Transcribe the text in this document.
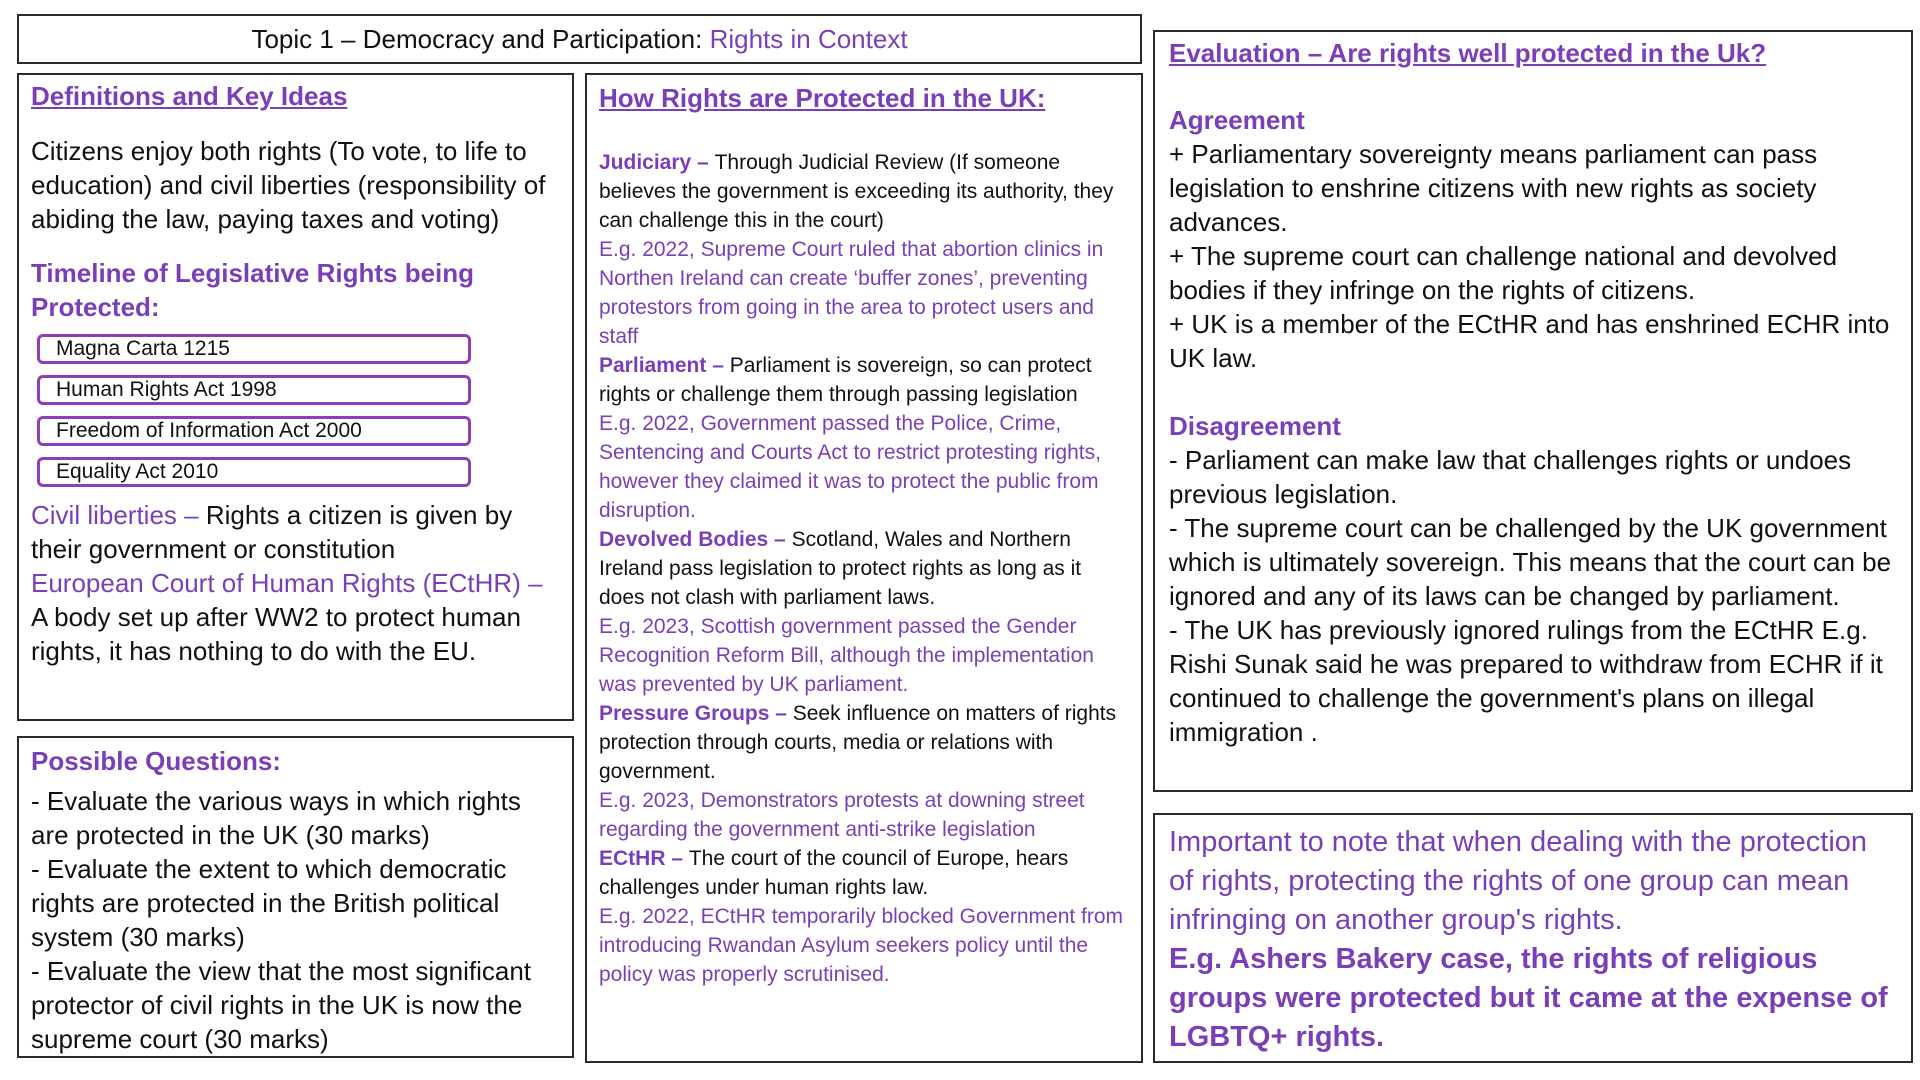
Topic 1 – Democracy and Participation: Rights in Context
Definitions and Key Ideas

Citizens enjoy both rights (To vote, to life to education) and civil liberties (responsibility of abiding the law, paying taxes and voting)

Timeline of Legislative Rights being Protected:
Magna Carta 1215
Human Rights Act 1998
Freedom of Information Act 2000
Equality Act 2010

Civil liberties – Rights a citizen is given by their government or constitution

European Court of Human Rights (ECtHR) –
A body set up after WW2 to protect human rights, it has nothing to do with the EU.

Possible Questions:

- Evaluate the various ways in which rights are protected in the UK (30 marks)

- Evaluate the extent to which democratic rights are protected in the British political system (30 marks)

- Evaluate the view that the most significant protector of civil rights in the UK is now the supreme court (30 marks)

How Rights are Protected in the UK:

Judiciary – Through Judicial Review (If someone believes the government is exceeding its authority, they can challenge this in the court)

E.g. 2022, Supreme Court ruled that abortion clinics in Northen Ireland can create ‘buffer zones’, preventing protestors from going in the area to protect users and staff

Parliament – Parliament is sovereign, so can protect rights or challenge them through passing legislation

E.g. 2022, Government passed the Police, Crime, Sentencing and Courts Act to restrict protesting rights, however they claimed it was to protect the public from disruption.

Devolved Bodies – Scotland, Wales and Northern Ireland pass legislation to protect rights as long as it does not clash with parliament laws.

E.g. 2023, Scottish government passed the Gender Recognition Reform Bill, although the implementation was prevented by UK parliament.

Pressure Groups – Seek influence on matters of rights protection through courts, media or relations with government.

E.g. 2023, Demonstrators protests at downing street regarding the government anti-strike legislation

ECtHR – The court of the council of Europe, hears challenges under human rights law.

E.g. 2022, ECtHR temporarily blocked Government from introducing Rwandan Asylum seekers policy until the policy was properly scrutinised.

Evaluation – Are rights well protected in the Uk?
Agreement

+ Parliamentary sovereignty means parliament can pass legislation to enshrine citizens with new rights as society advances.

+ The supreme court can challenge national and devolved bodies if they infringe on the rights of citizens.

+ UK is a member of the ECtHR and has enshrined ECHR into UK law.

Disagreement

- Parliament can make law that challenges rights or undoes previous legislation.

- The supreme court can be challenged by the UK government which is ultimately sovereign. This means that the court can be ignored and any of its laws can be changed by parliament.

- The UK has previously ignored rulings from the ECtHR E.g. Rishi Sunak said he was prepared to withdraw from ECHR if it continued to challenge the government's plans on illegal immigration .

Important to note that when dealing with the protection of rights, protecting the rights of one group can mean infringing on another group's rights.

E.g. Ashers Bakery case, the rights of religious groups were protected but it came at the expense of LGBTQ+ rights.
